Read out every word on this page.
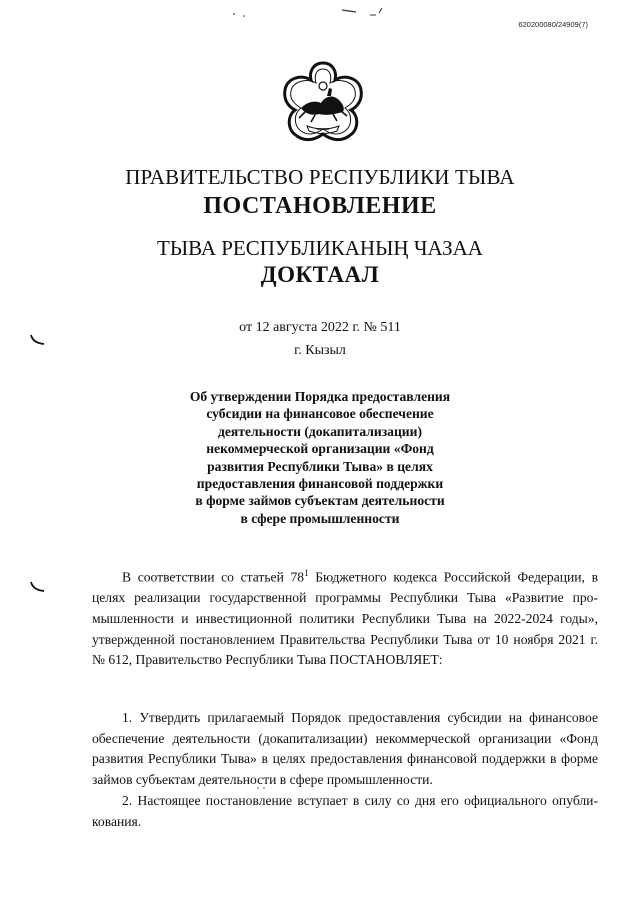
620200080/24909(7)
ПРАВИТЕЛЬСТВО РЕСПУБЛИКИ ТЫВА
ПОСТАНОВЛЕНИЕ
ТЫВА РЕСПУБЛИКАНЫҢ ЧАЗАА
ДОКТААЛ
от 12 августа 2022 г. № 511
г. Кызыл
Об утверждении Порядка предоставления
субсидии на финансовое обеспечение
деятельности (докапитализации)
некоммерческой организации «Фонд
развития Республики Тыва» в целях
предоставления финансовой поддержки
в форме займов субъектам деятельности
в сфере промышленности

В соответствии со статьей $78^1$ Бюджетного кодекса Российской Федерации, в целях реализации государственной программы Республики Тыва «Развитие промышленности и инвестиционной политики Республики Тыва на 2022-2024 годы», утвержденной постановлением Правительства Республики Тыва от 10 ноября 2021 г. № 612, Правительство Республики Тыва ПОСТАНОВЛЯЕТ:

1. Утвердить прилагаемый Порядок предоставления субсидии на финансовое обеспечение деятельности (докапитализации) некоммерческой организации «Фонд развития Республики Тыва» в целях предоставления финансовой поддержки в форме займов субъектам деятельности в сфере промышленности.

2. Настоящее постановление вступает в силу со дня его официального опубликования.
